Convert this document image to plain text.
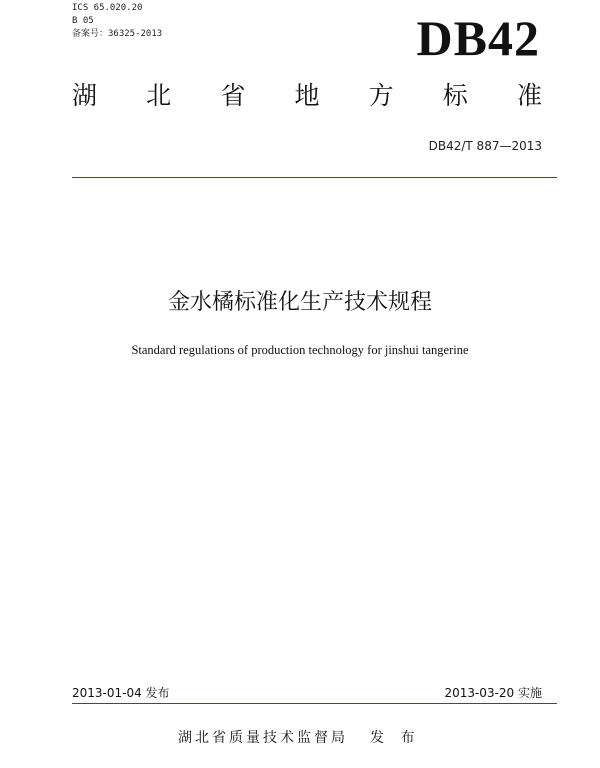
ICS 65.020.20
B 05
备案号：36325-2013	DB42
湖 北 省 地 方 标 准
DB42/T 887—2013
金水橘标准化生产技术规程
Standard regulations of production technology for jinshui tangerine
2013-01-04 发布	2013-03-20 实施
湖北省质量技术监督局 发 布
